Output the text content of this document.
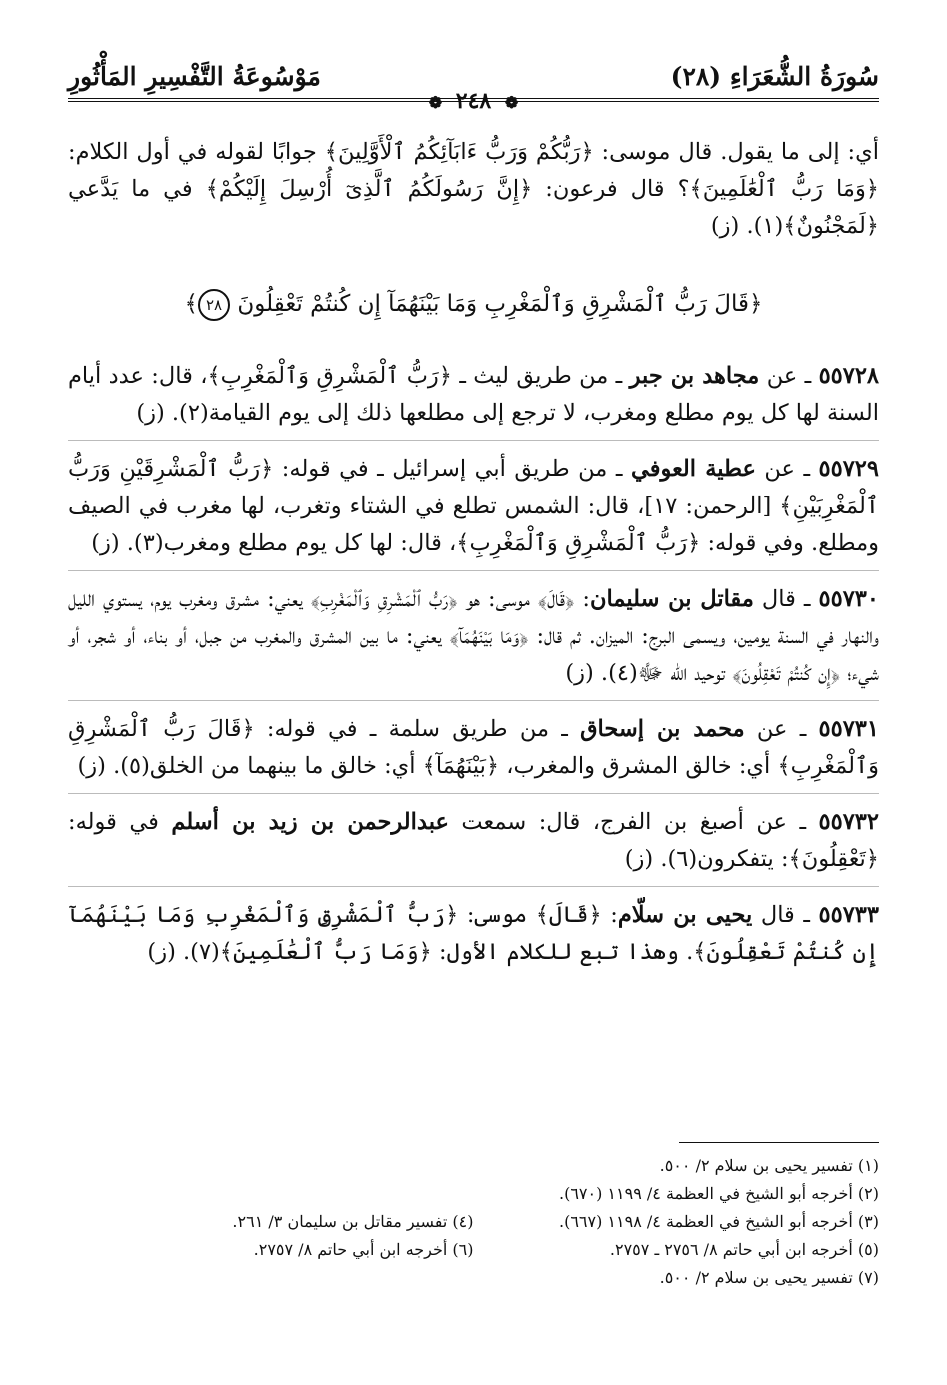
سُورَةُ الشُّعَرَاءِ (٢٨)
مَوْسُوعَةُ التَّفْسِيرِ المَأْثُورِ
❁ ٢٤٨ ❁

أي: إلى ما يقول. قال موسى: ﴿رَبُّكُمْ وَرَبُّ ءَابَآئِكُمُ ٱلْأَوَّلِينَ﴾ جوابًا لقوله في أول الكلام: ﴿وَمَا رَبُّ ٱلْعَٰلَمِينَ﴾؟ قال فرعون: ﴿إِنَّ رَسُولَكُمُ ٱلَّذِىٓ أُرْسِلَ إِلَيْكُمْ﴾ في ما يَدَّعي ﴿لَمَجْنُونٌ﴾(١). (ز)

﴿قَالَ رَبُّ ٱلْمَشْرِقِ وَٱلْمَغْرِبِ وَمَا بَيْنَهُمَآ إِن كُنتُمْ تَعْقِلُونَ ٢٨﴾

٥٥٧٢٨ ـ عن مجاهد بن جبر ـ من طريق ليث ـ ﴿رَبُّ ٱلْمَشْرِقِ وَٱلْمَغْرِبِ﴾، قال: عدد أيام السنة لها كل يوم مطلع ومغرب، لا ترجع إلى مطلعها ذلك إلى يوم القيامة(٢). (ز)

٥٥٧٢٩ ـ عن عطية العوفي ـ من طريق أبي إسرائيل ـ في قوله: ﴿رَبُّ ٱلْمَشْرِقَيْنِ وَرَبُّ ٱلْمَغْرِبَيْنِ﴾ [الرحمن: ١٧]، قال: الشمس تطلع في الشتاء وتغرب، لها مغرب في الصيف ومطلع. وفي قوله: ﴿رَبُّ ٱلْمَشْرِقِ وَٱلْمَغْرِبِ﴾، قال: لها كل يوم مطلع ومغرب(٣). (ز)

٥٥٧٣٠ ـ قال مقاتل بن سليمان: ﴿قَالَ﴾ موسى: هو ﴿رَبُّ ٱلْمَشْرِقِ وَٱلْمَغْرِبِ﴾ يعني: مشرق ومغرب يوم، يستوي الليل والنهار في السنة يومين، ويسمى البرج: الميزان. ثم قال: ﴿وَمَا بَيْنَهُمَآ﴾ يعني: ما بين المشرق والمغرب من جبل، أو بناء، أو شجر، أو شيء؛ ﴿إِن كُنتُمْ تَعْقِلُونَ﴾ توحيد الله ﷻ(٤). (ز)

٥٥٧٣١ ـ عن محمد بن إسحاق ـ من طريق سلمة ـ في قوله: ﴿قَالَ رَبُّ ٱلْمَشْرِقِ وَٱلْمَغْرِبِ﴾ أي: خالق المشرق والمغرب، ﴿بَيْنَهُمَآ﴾ أي: خالق ما بينهما من الخلق(٥). (ز)

٥٥٧٣٢ ـ عن أصبغ بن الفرج، قال: سمعت عبدالرحمن بن زيد بن أسلم في قوله: ﴿تَعْقِلُونَ﴾: يتفكرون(٦). (ز)

٥٥٧٣٣ ـ قال يحيى بن سلّام: ﴿قَالَ﴾ موسى: ﴿رَبُّ ٱلْمَشْرِقِ وَٱلْمَغْرِبِ وَمَا بَيْنَهُمَآ إِن كُنتُمْ تَعْقِلُونَ﴾. وهذا تبع للكلام الأول: ﴿وَمَا رَبُّ ٱلْعَٰلَمِينَ﴾(٧). (ز)

(١) تفسير يحيى بن سلام ٢/ ٥٠٠.
(٢) أخرجه أبو الشيخ في العظمة ٤/ ١١٩٩ (٦٧٠).
(٣) أخرجه أبو الشيخ في العظمة ٤/ ١١٩٨ (٦٦٧).
(٤) تفسير مقاتل بن سليمان ٣/ ٢٦١.
(٥) أخرجه ابن أبي حاتم ٨/ ٢٧٥٦ ـ ٢٧٥٧.
(٦) أخرجه ابن أبي حاتم ٨/ ٢٧٥٧.
(٧) تفسير يحيى بن سلام ٢/ ٥٠٠.
